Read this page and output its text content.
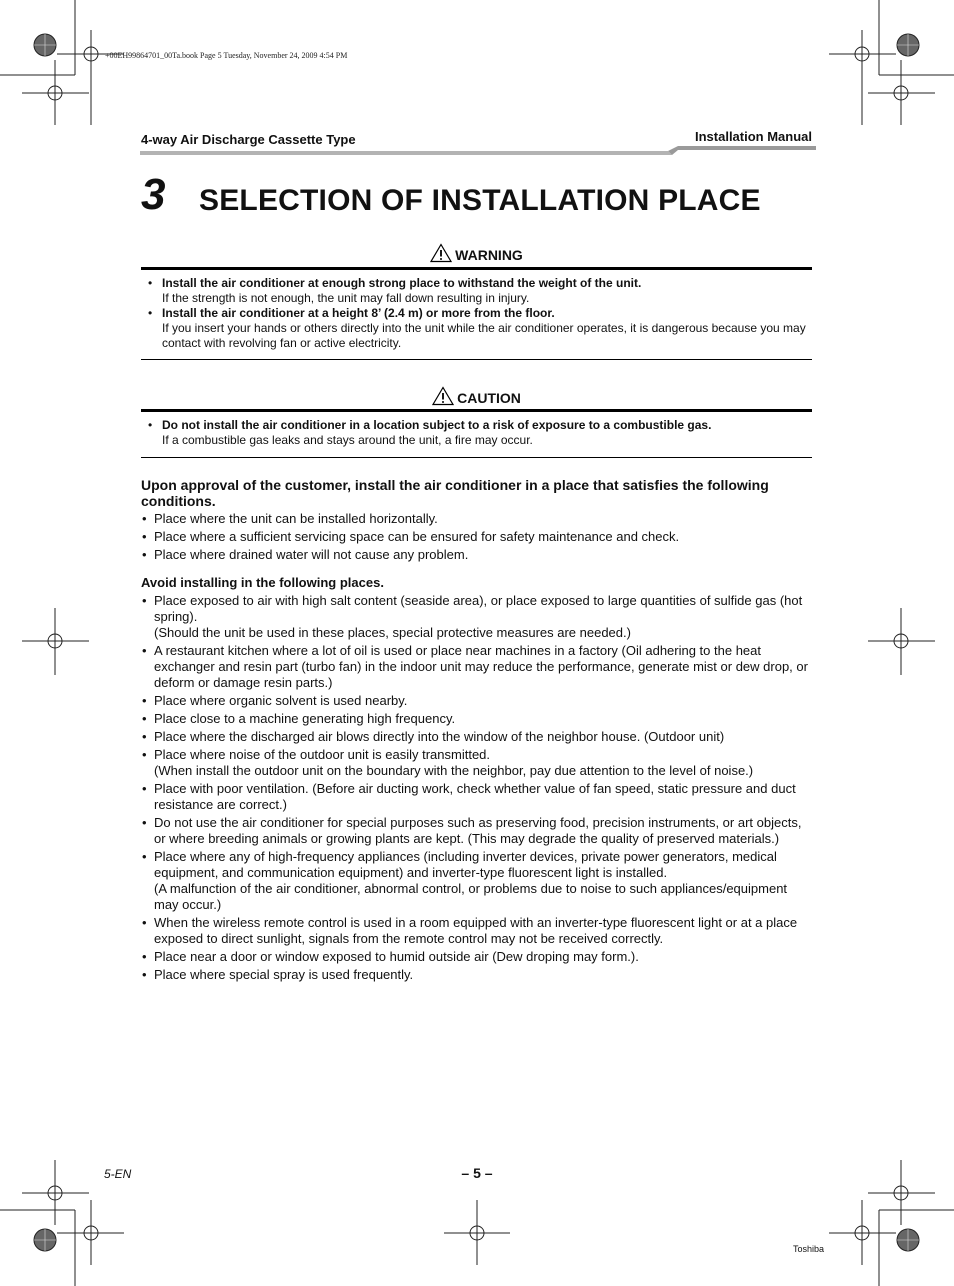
+00EH99864701_00Ta.book Page 5 Tuesday, November 24, 2009 4:54 PM
4-way Air Discharge Cassette Type	Installation Manual
3 SELECTION OF INSTALLATION PLACE
WARNING
• Install the air conditioner at enough strong place to withstand the weight of the unit.
If the strength is not enough, the unit may fall down resulting in injury.
• Install the air conditioner at a height 8’ (2.4 m) or more from the floor.
If you insert your hands or others directly into the unit while the air conditioner operates, it is dangerous because you may contact with revolving fan or active electricity.
CAUTION
• Do not install the air conditioner in a location subject to a risk of exposure to a combustible gas.
If a combustible gas leaks and stays around the unit, a fire may occur.
Upon approval of the customer, install the air conditioner in a place that satisfies the following conditions.
• Place where the unit can be installed horizontally.
• Place where a sufficient servicing space can be ensured for safety maintenance and check.
• Place where drained water will not cause any problem.
Avoid installing in the following places.
• Place exposed to air with high salt content (seaside area), or place exposed to large quantities of sulfide gas (hot spring).
(Should the unit be used in these places, special protective measures are needed.)
• A restaurant kitchen where a lot of oil is used or place near machines in a factory (Oil adhering to the heat exchanger and resin part (turbo fan) in the indoor unit may reduce the performance, generate mist or dew drop, or deform or damage resin parts.)
• Place where organic solvent is used nearby.
• Place close to a machine generating high frequency.
• Place where the discharged air blows directly into the window of the neighbor house. (Outdoor unit)
• Place where noise of the outdoor unit is easily transmitted.
(When install the outdoor unit on the boundary with the neighbor, pay due attention to the level of noise.)
• Place with poor ventilation. (Before air ducting work, check whether value of fan speed, static pressure and duct resistance are correct.)
• Do not use the air conditioner for special purposes such as preserving food, precision instruments, or art objects, or where breeding animals or growing plants are kept. (This may degrade the quality of preserved materials.)
• Place where any of high-frequency appliances (including inverter devices, private power generators, medical equipment, and communication equipment) and inverter-type fluorescent light is installed.
(A malfunction of the air conditioner, abnormal control, or problems due to noise to such appliances/equipment may occur.)
• When the wireless remote control is used in a room equipped with an inverter-type fluorescent light or at a place exposed to direct sunlight, signals from the remote control may not be received correctly.
• Place near a door or window exposed to humid outside air (Dew droping may form.).
• Place where special spray is used frequently.
5-EN	– 5 –
Toshiba
